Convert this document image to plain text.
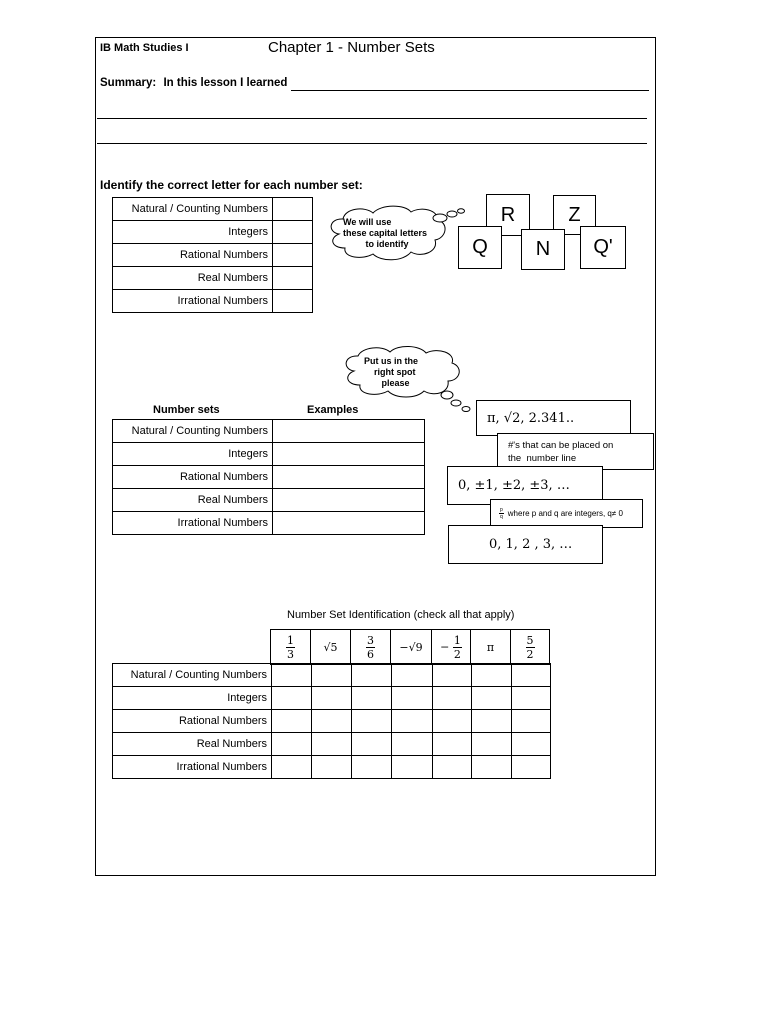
IB Math Studies I	Chapter 1 - Number Sets
Summary: In this lesson I learned
Identify the correct letter for each number set:
Natural / Counting Numbers	
Integers	
Rational Numbers	
Real Numbers	
Irrational Numbers	
We will use
these capital letters
to identify
R	Z
Q	N	Q'
Put us in the
right spot
please
Number sets	Examples
Natural / Counting Numbers	
Integers	
Rational Numbers	
Real Numbers	
Irrational Numbers	
π, √2, 2.341..
#'s that can be placed on
the  number line
0, ±1, ±2, ±3, …
$\frac{p}{q}$ where p and q are integers, q≠ 0
0, 1, 2 , 3, …
Number Set Identification (check all that apply)
$\frac{1}{3}$	√5	$\frac{3}{6}$	−√9	− $\frac{1}{2}$	π	$\frac{5}{2}$
Natural / Counting Numbers							
Integers							
Rational Numbers							
Real Numbers							
Irrational Numbers							
